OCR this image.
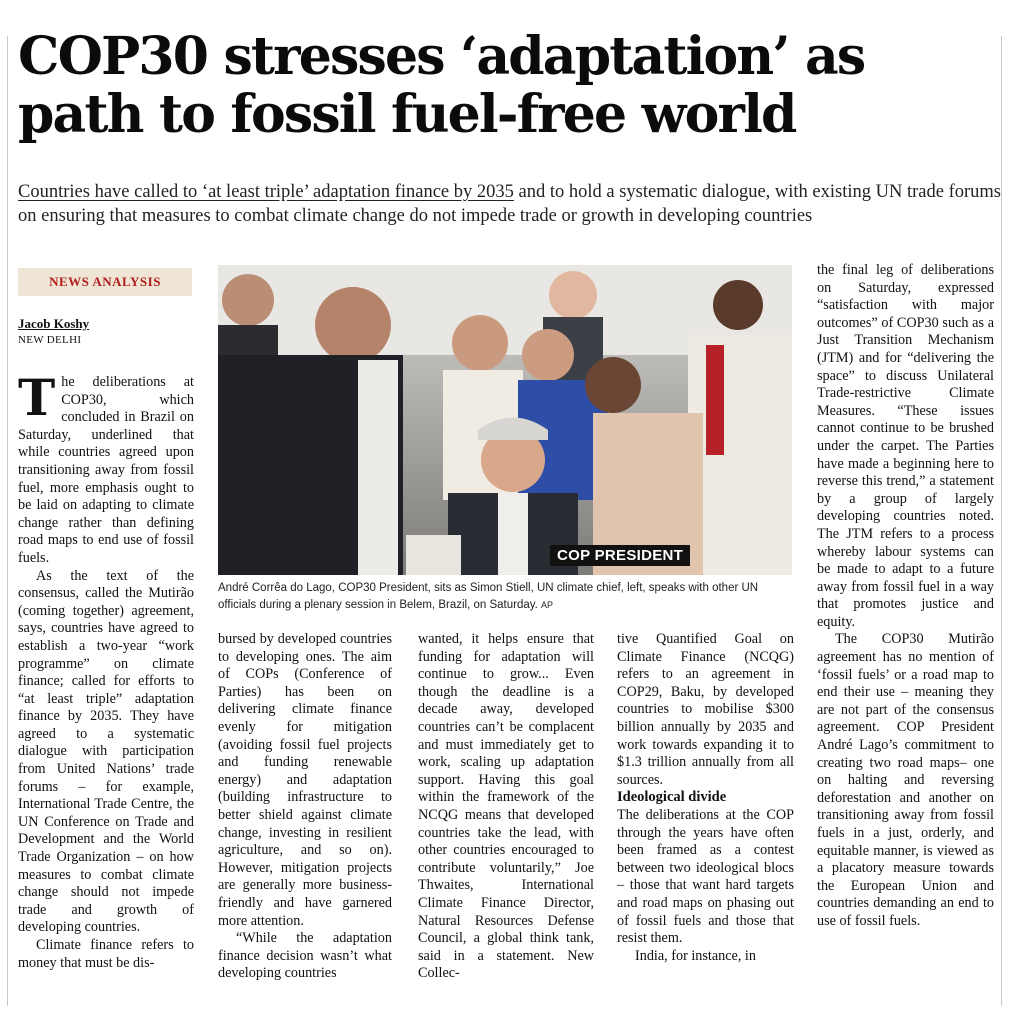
COP30 stresses ‘adaptation’ as path to fossil fuel-free world

Countries have called to ‘at least triple’ adaptation finance by 2035 and to hold a systematic dialogue, with existing UN trade forums on ensuring that measures to combat climate change do not impede trade or growth in developing countries

NEWS ANALYSIS
Jacob Koshy
NEW DELHI

The deliberations at COP30, which concluded in Brazil on Saturday, underlined that while countries agreed upon transitioning away from fossil fuel, more emphasis ought to be laid on adapting to climate change rather than defining road maps to end use of fossil fuels.

As the text of the consensus, called the Mutirão (coming together) agreement, says, countries have agreed to establish a two-year “work programme” on climate finance; called for efforts to “at least triple” adaptation finance by 2035. They have agreed to a systematic dialogue with participation from United Nations’ trade forums – for example, International Trade Centre, the UN Conference on Trade and Development and the World Trade Organization – on how measures to combat climate change should not impede trade and growth of developing countries.

Climate finance refers to money that must be dis-

COP PRESIDENT

André Corrêa do Lago, COP30 President, sits as Simon Stiell, UN climate chief, left, speaks with other UN officials during a plenary session in Belem, Brazil, on Saturday. AP

bursed by developed countries to developing ones. The aim of COPs (Conference of Parties) has been on delivering climate finance evenly for mitigation (avoiding fossil fuel projects and funding renewable energy) and adaptation (building infrastructure to better shield against climate change, investing in resilient agriculture, and so on). However, mitigation projects are generally more business-friendly and have garnered more attention.

“While the adaptation finance decision wasn’t what developing countries

wanted, it helps ensure that funding for adaptation will continue to grow... Even though the deadline is a decade away, developed countries can’t be complacent and must immediately get to work, scaling up adaptation support. Having this goal within the framework of the NCQG means that developed countries take the lead, with other countries encouraged to contribute voluntarily,” Joe Thwaites, International Climate Finance Director, Natural Resources Defense Council, a global think tank, said in a statement. New Collec-

tive Quantified Goal on Climate Finance (NCQG) refers to an agreement in COP29, Baku, by developed countries to mobilise $300 billion annually by 2035 and work towards expanding it to $1.3 trillion annually from all sources.

Ideological divide

The deliberations at the COP through the years have often been framed as a contest between two ideological blocs – those that want hard targets and road maps on phasing out of fossil fuels and those that resist them.

India, for instance, in

the final leg of deliberations on Saturday, expressed “satisfaction with major outcomes” of COP30 such as a Just Transition Mechanism (JTM) and for “delivering the space” to discuss Unilateral Trade-restrictive Climate Measures. “These issues cannot continue to be brushed under the carpet. The Parties have made a beginning here to reverse this trend,” a statement by a group of largely developing countries noted. The JTM refers to a process whereby labour systems can be made to adapt to a future away from fossil fuel in a way that promotes justice and equity.

The COP30 Mutirão agreement has no mention of ‘fossil fuels’ or a road map to end their use – meaning they are not part of the consensus agreement. COP President André Lago’s commitment to creating two road maps– one on halting and reversing deforestation and another on transitioning away from fossil fuels in a just, orderly, and equitable manner, is viewed as a placatory measure towards the European Union and countries demanding an end to use of fossil fuels.
